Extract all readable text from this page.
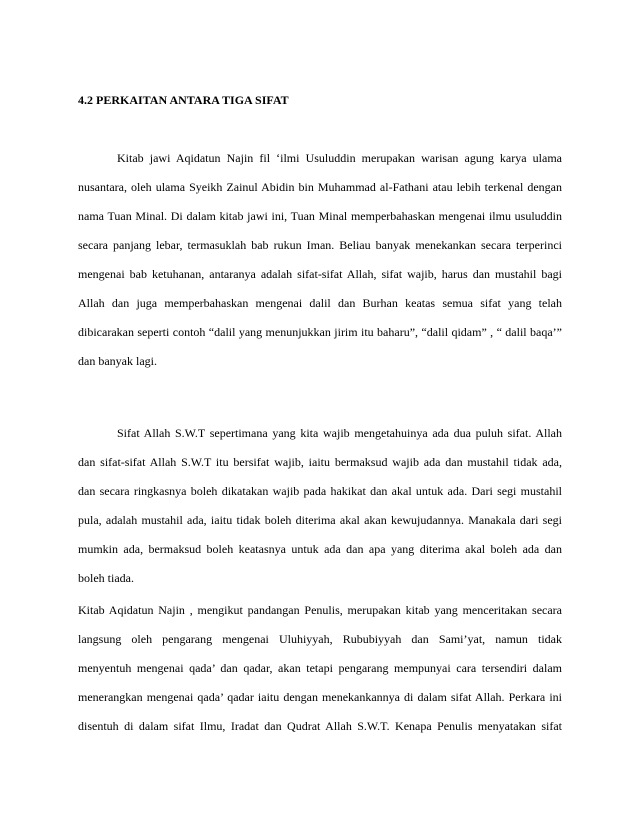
4.2 PERKAITAN ANTARA TIGA SIFAT
Kitab jawi Aqidatun Najin fil ‘ilmi Usuluddin merupakan warisan agung karya ulama
nusantara, oleh ulama Syeikh Zainul Abidin bin Muhammad al-Fathani atau lebih terkenal dengan
nama Tuan Minal. Di dalam kitab jawi ini, Tuan Minal memperbahaskan mengenai ilmu usuluddin
secara panjang lebar, termasuklah bab rukun Iman. Beliau banyak menekankan secara terperinci
mengenai bab ketuhanan, antaranya adalah sifat-sifat Allah, sifat wajib, harus dan mustahil bagi
Allah dan juga memperbahaskan mengenai dalil dan Burhan keatas semua sifat yang telah
dibicarakan seperti contoh “dalil yang menunjukkan jirim itu baharu”, “dalil qidam” , “ dalil baqa’”
dan banyak lagi.
Sifat Allah S.W.T sepertimana yang kita wajib mengetahuinya ada dua puluh sifat. Allah
dan sifat-sifat Allah S.W.T itu bersifat wajib, iaitu bermaksud wajib ada dan mustahil tidak ada,
dan secara ringkasnya boleh dikatakan wajib pada hakikat dan akal untuk ada. Dari segi mustahil
pula, adalah mustahil ada, iaitu tidak boleh diterima akal akan kewujudannya. Manakala dari segi
mumkin ada, bermaksud boleh keatasnya untuk ada dan apa yang diterima akal boleh ada dan
boleh tiada.
Kitab Aqidatun Najin , mengikut pandangan Penulis, merupakan kitab yang menceritakan secara
langsung oleh pengarang mengenai Uluhiyyah, Rububiyyah dan Sami’yat, namun tidak
menyentuh mengenai qada’ dan qadar, akan tetapi pengarang mempunyai cara tersendiri dalam
menerangkan mengenai qada’ qadar iaitu dengan menekankannya di dalam sifat Allah. Perkara ini
disentuh di dalam sifat Ilmu, Iradat dan Qudrat Allah S.W.T. Kenapa Penulis menyatakan sifat
